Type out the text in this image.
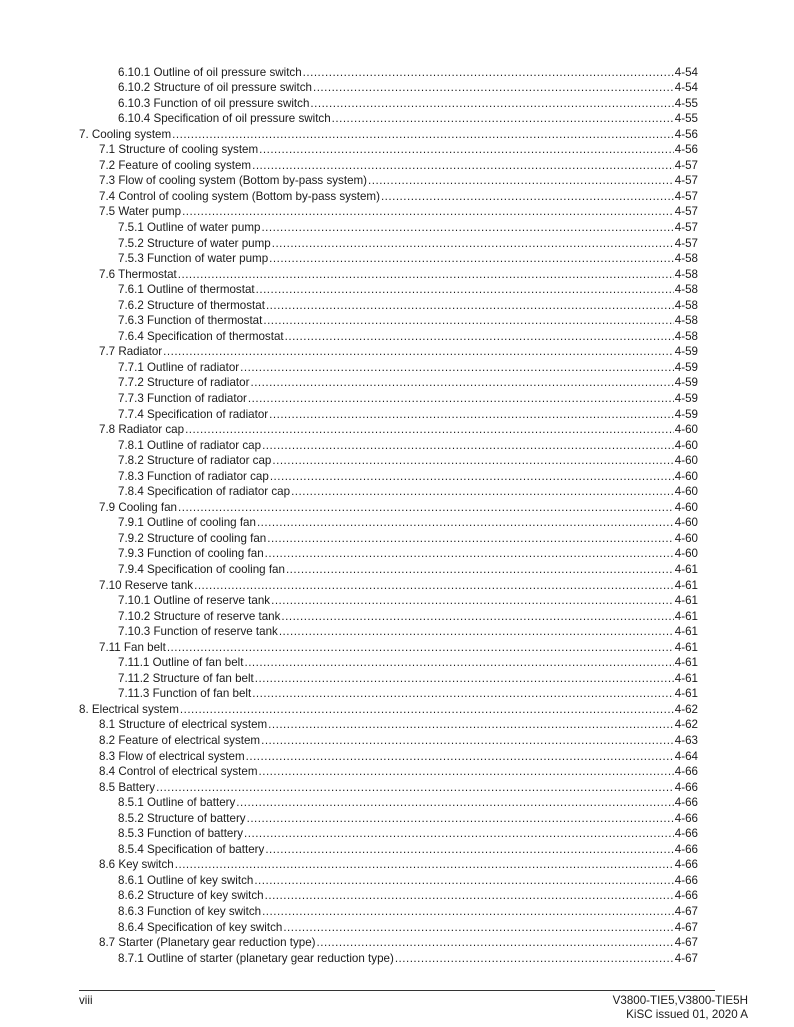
6.10.1 Outline of oil pressure switch .....	4-54
6.10.2 Structure of oil pressure switch .....	4-54
6.10.3 Function of oil pressure switch .....	4-55
6.10.4 Specification of oil pressure switch .....	4-55
7. Cooling system .....	4-56
7.1 Structure of cooling system .....	4-56
7.2 Feature of cooling system .....	4-57
7.3 Flow of cooling system (Bottom by-pass system) .....	4-57
7.4 Control of cooling system (Bottom by-pass system) .....	4-57
7.5 Water pump .....	4-57
7.5.1 Outline of water pump .....	4-57
7.5.2 Structure of water pump .....	4-57
7.5.3 Function of water pump .....	4-58
7.6 Thermostat .....	4-58
7.6.1 Outline of thermostat .....	4-58
7.6.2 Structure of thermostat .....	4-58
7.6.3 Function of thermostat .....	4-58
7.6.4 Specification of thermostat .....	4-58
7.7 Radiator .....	4-59
7.7.1 Outline of radiator .....	4-59
7.7.2 Structure of radiator .....	4-59
7.7.3 Function of radiator .....	4-59
7.7.4 Specification of radiator .....	4-59
7.8 Radiator cap .....	4-60
7.8.1 Outline of radiator cap .....	4-60
7.8.2 Structure of radiator cap .....	4-60
7.8.3 Function of radiator cap .....	4-60
7.8.4 Specification of radiator cap .....	4-60
7.9 Cooling fan .....	4-60
7.9.1 Outline of cooling fan .....	4-60
7.9.2 Structure of cooling fan .....	4-60
7.9.3 Function of cooling fan .....	4-60
7.9.4 Specification of cooling fan .....	4-61
7.10 Reserve tank .....	4-61
7.10.1 Outline of reserve tank .....	4-61
7.10.2 Structure of reserve tank .....	4-61
7.10.3 Function of reserve tank .....	4-61
7.11 Fan belt .....	4-61
7.11.1 Outline of fan belt .....	4-61
7.11.2 Structure of fan belt .....	4-61
7.11.3 Function of fan belt .....	4-61
8. Electrical system .....	4-62
8.1 Structure of electrical system .....	4-62
8.2 Feature of electrical system .....	4-63
8.3 Flow of electrical system .....	4-64
8.4 Control of electrical system .....	4-66
8.5 Battery .....	4-66
8.5.1 Outline of battery .....	4-66
8.5.2 Structure of battery .....	4-66
8.5.3 Function of battery .....	4-66
8.5.4 Specification of battery .....	4-66
8.6 Key switch .....	4-66
8.6.1 Outline of key switch .....	4-66
8.6.2 Structure of key switch .....	4-66
8.6.3 Function of key switch .....	4-67
8.6.4 Specification of key switch .....	4-67
8.7 Starter (Planetary gear reduction type) .....	4-67
8.7.1 Outline of starter (planetary gear reduction type) .....	4-67
viii	V3800-TIE5,V3800-TIE5H
KiSC issued 01, 2020 A
